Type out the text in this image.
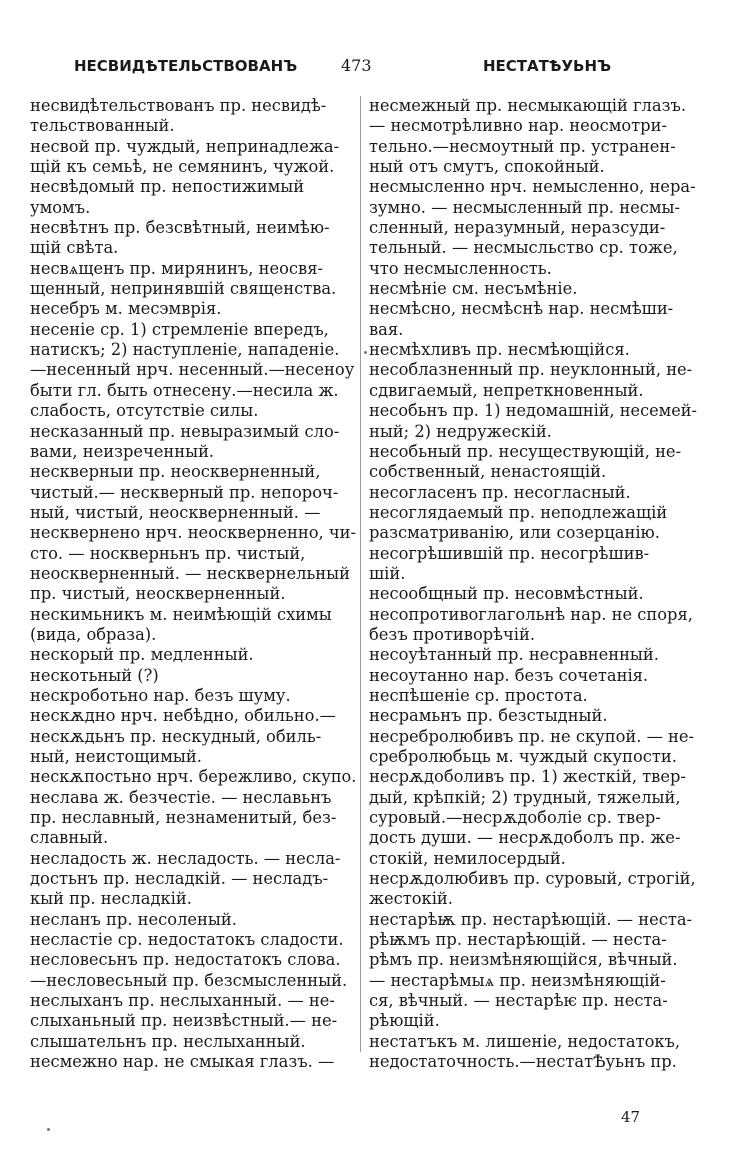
НЕСВИДѢТЕЛЬСТВОВАНЪ	473	НЕСТАТѢУЬНЪ
несвидѣтельствованъ пр. несвидѣ-
тельствованный.
несвой пр. чуждый, непринадлежа-
щій къ семьѣ, не семянинъ, чужой.
несвѣдомый пр. непостижимый
умомъ.
несвѣтнъ пр. безсвѣтный, неимѣю-
щій свѣта.
несвѧщенъ пр. мирянинъ, неосвя-
щенный, непринявшій священства.
несебръ м. месэмврія.
несеніе ср. 1) стремленіе впередъ,
натискъ; 2) наступленіе, нападеніе.
—несенный нрч. несенный.—несеноу
быти гл. быть отнесену.—несила ж.
слабость, отсутствіе силы.
несказанный пр. невыразимый сло-
вами, неизреченный.
нескверныи пр. неоскверненный,
чистый.— нескверный пр. непороч-
ный, чистый, неоскверненный. —
несквернено нрч. неоскверненно, чи-
сто. — носкверньнъ пр. чистый,
неоскверненный. — несквернельный
пр. чистый, неоскверненный.
нескимьникъ м. неимѣющій схимы
(вида, образа).
нескорый пр. медленный.
нескотьный (?)
нескроботьно нар. безъ шуму.
нескѫдно нрч. небѣдно, обильно.—
нескѫдьнъ пр. нескудный, обиль-
ный, неистощимый.
нескѫпостьно нрч. бережливо, скупо.
неслава ж. безчестіе. — неславьнъ
пр. неславный, незнаменитый, без-
славный.
несладость ж. несладость. — несла-
достьнъ пр. несладкій. — несладъ-
кый пр. несладкій.
несланъ пр. несоленый.
несластіе ср. недостатокъ сладости.
несловесьнъ пр. недостатокъ слова.
—несловесьный пр. безсмысленный.
неслыханъ пр. неслыханный. — не-
слыханьный пр. неизвѣстный.— не-
слышательнъ пр. неслыханный.
несмежно нар. не смыкая глазъ. —
несмежный пр. несмыкающій глазъ.
— несмотрѣливно нар. неосмотри-
тельно.—несмоутный пр. устранен-
ный отъ смутъ, спокойный.
несмысленно нрч. немысленно, нера-
зумно. — несмысленный пр. несмы-
сленный, неразумный, неразсуди-
тельный. — несмысльство ср. тоже,
что несмысленность.
несмѣніе см. несъмѣніе.
несмѣсно, несмѣснѣ нар. несмѣши-
вая.
несмѣхливъ пр. несмѣющійся.
несоблазненный пр. неуклонный, не-
сдвигаемый, непреткновенный.
несобьнъ пр. 1) недомашній, несемей-
ный; 2) недружескій.
несобьный пр. несуществующій, не-
собственный, ненастоящій.
несогласенъ пр. несогласный.
несоглядаемый пр. неподлежащій
разсматриванію, или созерцанію.
несогрѣшившій пр. несогрѣшив-
шій.
несообщный пр. несовмѣстный.
несопротивоглагольнѣ нар. не споря,
безъ противорѣчій.
несоуѣтанный пр. несравненный.
несоутанно нар. безъ сочетанія.
неспѣшеніе ср. простота.
несрамьнъ пр. безстыдный.
несребролюбивъ пр. не скупой. — не-
сребролюбьць м. чуждый скупости.
несрѫдоболивъ пр. 1) жесткій, твер-
дый, крѣпкій; 2) трудный, тяжелый,
суровый.—несрѫдоболіе ср. твер-
дость души. — несрѫдоболъ пр. же-
стокій, немилосердый.
несрѫдолюбивъ пр. суровый, строгій,
жестокій.
нестарѣѭ пр. нестарѣющій. — неста-
рѣѭмъ пр. нестарѣющій. — неста-
рѣмъ пр. неизмѣняющійся, вѣчный.
— нестарѣмыѧ пр. неизмѣняющій-
ся, вѣчный. — нестарѣѥ пр. неста-
рѣющій.
нестатъкъ м. лишеніе, недостатокъ,
недостаточность.—нестатѢуьнъ пр.
47
